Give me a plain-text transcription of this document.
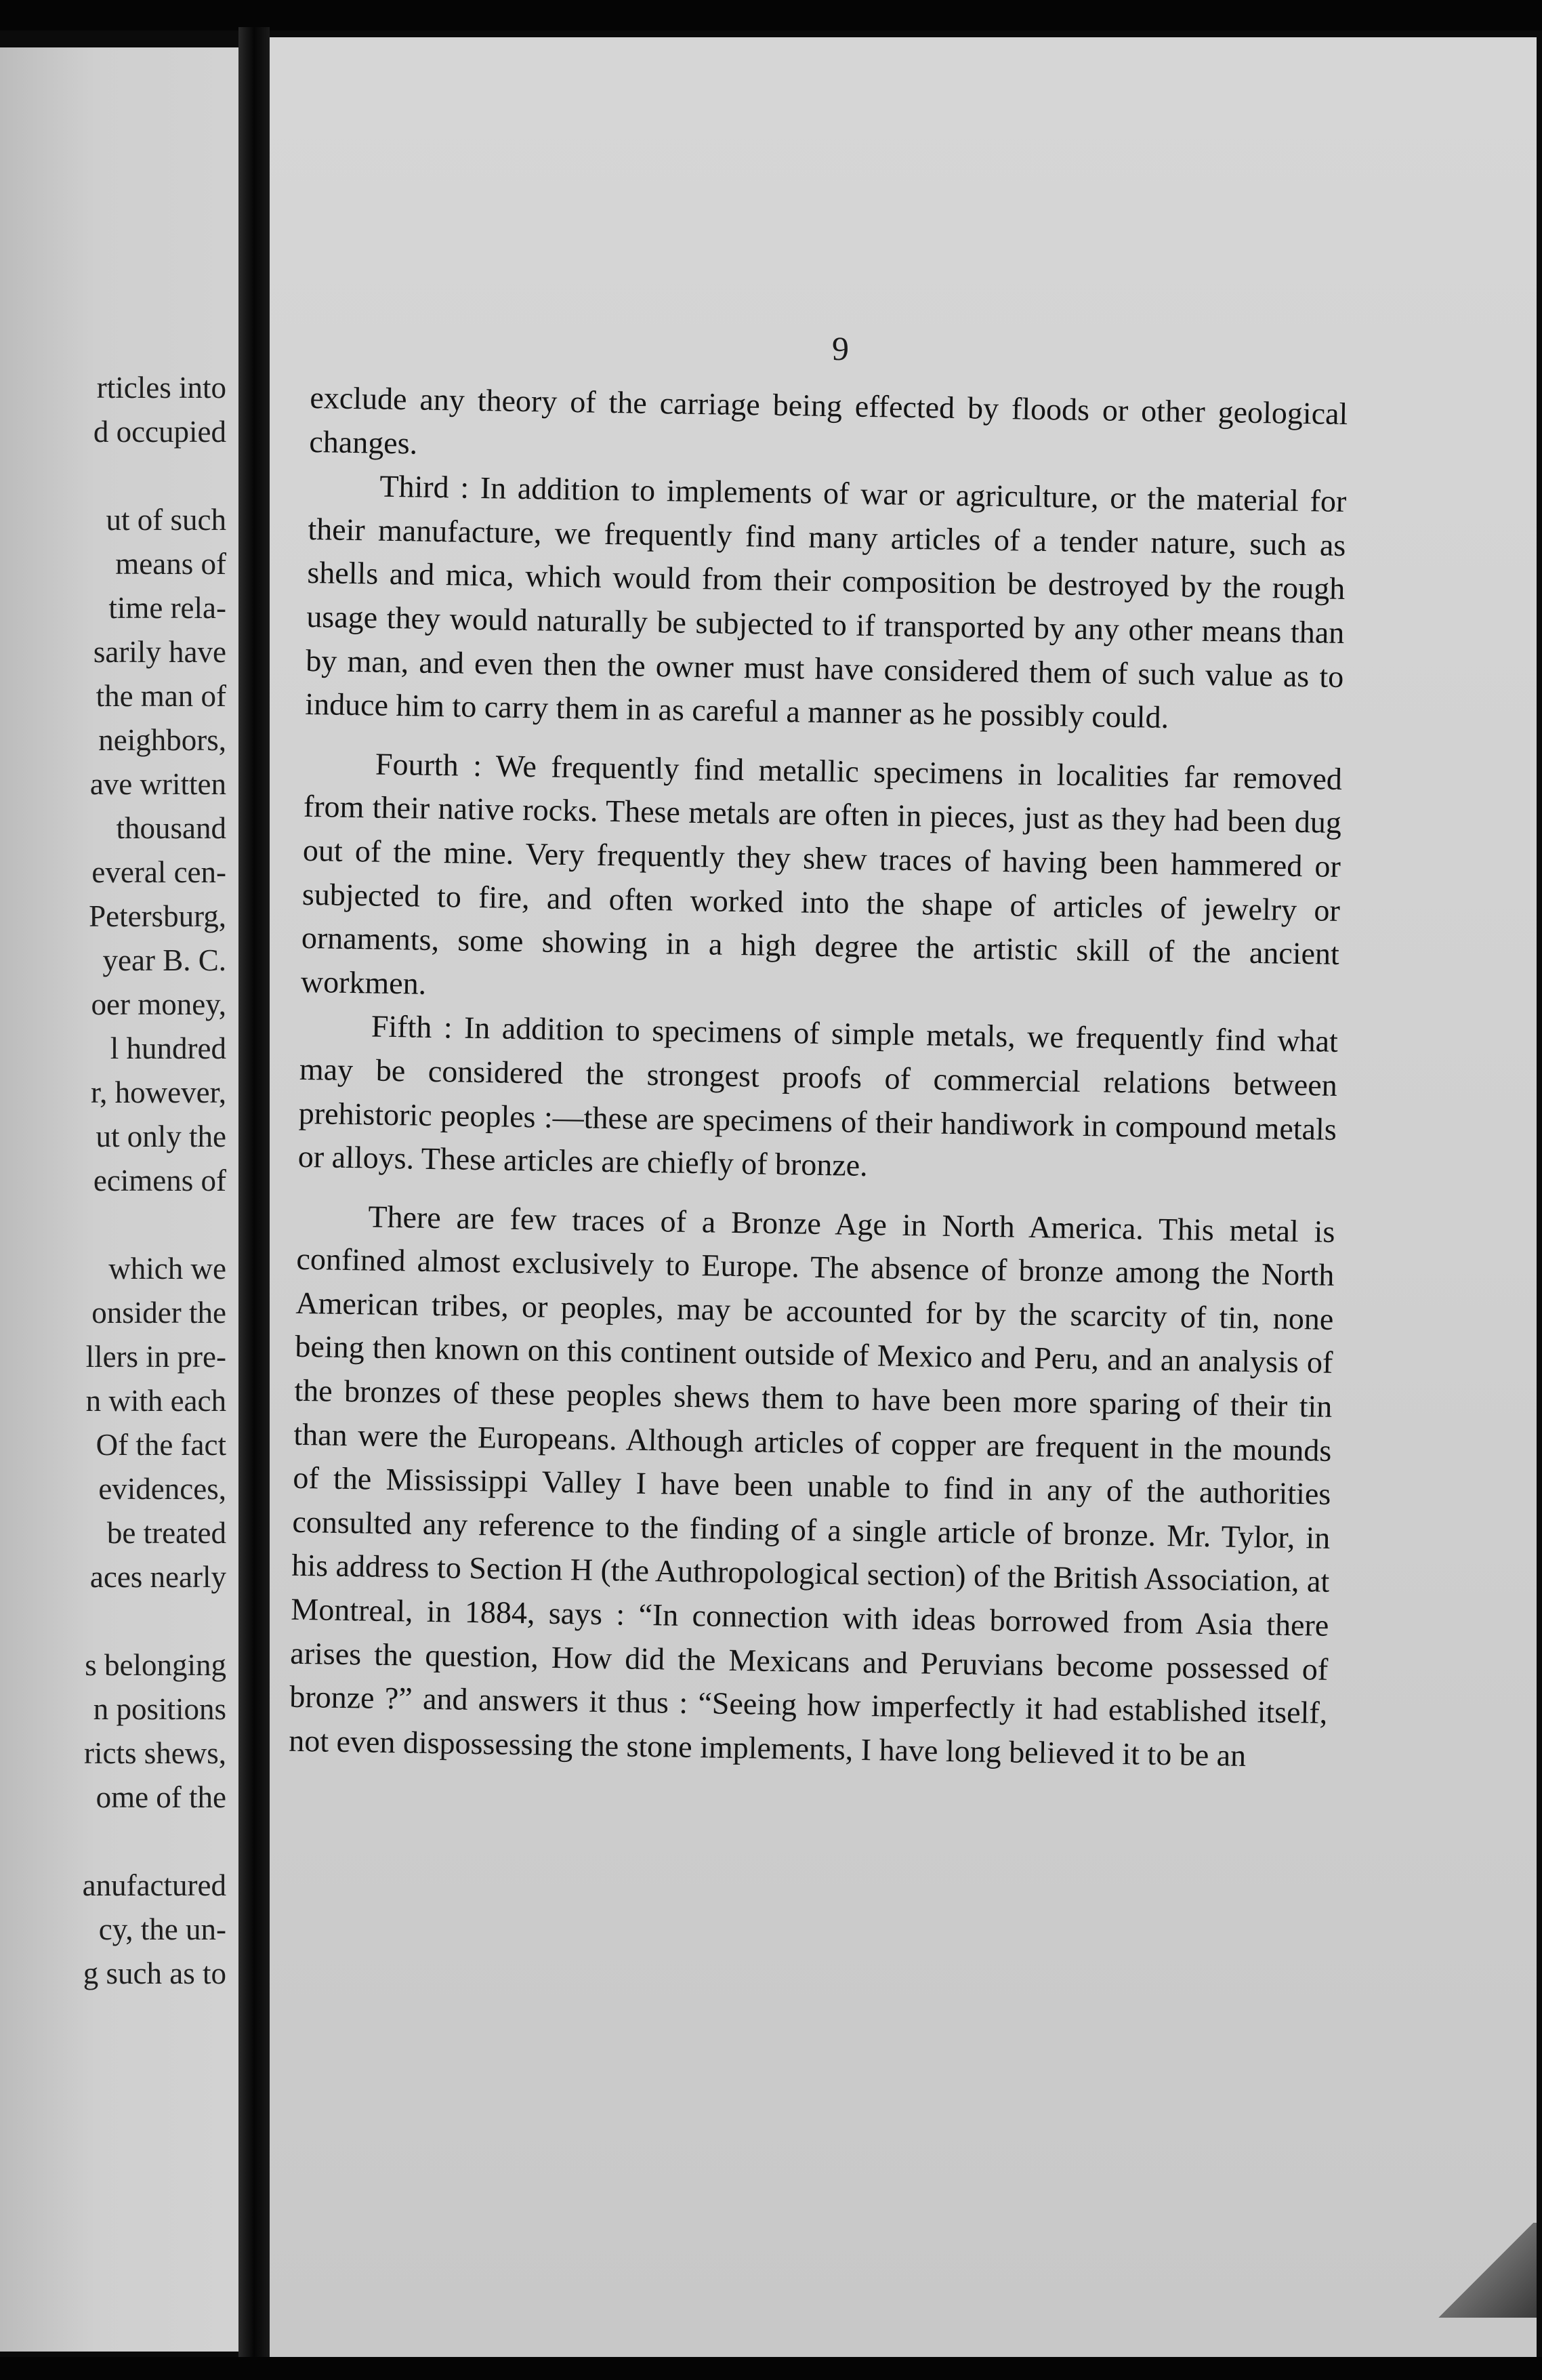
rticles into
d occupied
ut of such
means of
time rela-
sarily have
the man of
neighbors,
ave written
thousand
everal cen-
Petersburg,
year B. C.
oer money,
l hundred
r, however,
ut only the
ecimens of
which we
onsider the
llers in pre-
n with each
Of the fact
evidences,
be treated
aces nearly
s belonging
n positions
ricts shews,
ome of the
anufactured
cy, the un-
g such as to
9

exclude any theory of the carriage being effected by floods or other geological changes.

Third : In addition to implements of war or agriculture, or the material for their manufacture, we frequently find many articles of a tender nature, such as shells and mica, which would from their composition be destroyed by the rough usage they would naturally be subjected to if transported by any other means than by man, and even then the owner must have considered them of such value as to induce him to carry them in as careful a manner as he possibly could.

Fourth : We frequently find metallic specimens in localities far removed from their native rocks. These metals are often in pieces, just as they had been dug out of the mine. Very frequently they shew traces of having been hammered or subjected to fire, and often worked into the shape of articles of jewelry or ornaments, some showing in a high degree the artistic skill of the ancient workmen.

Fifth : In addition to specimens of simple metals, we frequently find what may be considered the strongest proofs of commercial relations between prehistoric peoples :—these are specimens of their handiwork in compound metals or alloys. These articles are chiefly of bronze.

There are few traces of a Bronze Age in North America. This metal is confined almost exclusively to Europe. The absence of bronze among the North American tribes, or peoples, may be accounted for by the scarcity of tin, none being then known on this continent outside of Mexico and Peru, and an analysis of the bronzes of these peoples shews them to have been more sparing of their tin than were the Europeans. Although articles of copper are frequent in the mounds of the Mississippi Valley I have been unable to find in any of the authorities consulted any reference to the finding of a single article of bronze. Mr. Tylor, in his address to Section H (the Authropological section) of the British Association, at Montreal, in 1884, says : “In connection with ideas borrowed from Asia there arises the question, How did the Mexicans and Peruvians become possessed of bronze ?” and answers it thus : “Seeing how imperfectly it had established itself, not even dispossessing the stone implements, I have long believed it to be an
